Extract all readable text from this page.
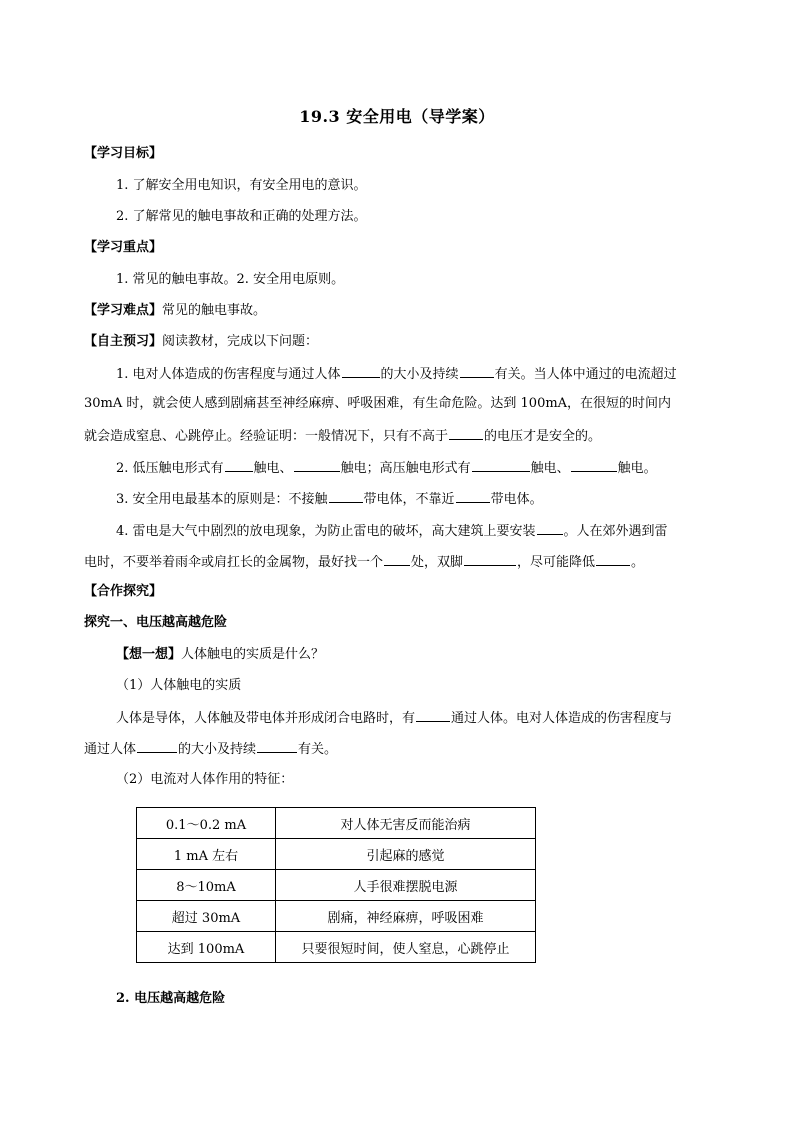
19.3 安全用电（导学案）
【学习目标】
1. 了解安全用电知识，有安全用电的意识。
2. 了解常见的触电事故和正确的处理方法。
【学习重点】
1. 常见的触电事故。2. 安全用电原则。
【学习难点】常见的触电事故。
【自主预习】阅读教材，完成以下问题：
1. 电对人体造成的伤害程度与通过人体	的大小及持续	有关。当人体中通过的电流超过
30mA 时，就会使人感到剧痛甚至神经麻痹、呼吸困难，有生命危险。达到 100mA，在很短的时间内
就会造成窒息、心跳停止。经验证明：一般情况下，只有不高于	的电压才是安全的。
2. 低压触电形式有 触电、	触电；高压触电形式有	触电、	触电。
3. 安全用电最基本的原则是：不接触	带电体，不靠近	带电体。
4. 雷电是大气中剧烈的放电现象，为防止雷电的破坏，高大建筑上要安装 。人在郊外遇到雷
电时，不要举着雨伞或肩扛长的金属物，最好找一个 处，双脚	，尽可能降低	。
【合作探究】
探究一、电压越高越危险
【想一想】人体触电的实质是什么？
（1）人体触电的实质
人体是导体，人体触及带电体并形成闭合电路时，有	通过人体。电对人体造成的伤害程度与
通过人体	的大小及持续	有关。
（2）电流对人体作用的特征：
0.1～0.2 mA	对人体无害反而能治病
1 mA 左右	引起麻的感觉
8～10mA	人手很难摆脱电源
超过 30mA	剧痛，神经麻痹，呼吸困难
达到 100mA	只要很短时间，使人窒息，心跳停止
2. 电压越高越危险
